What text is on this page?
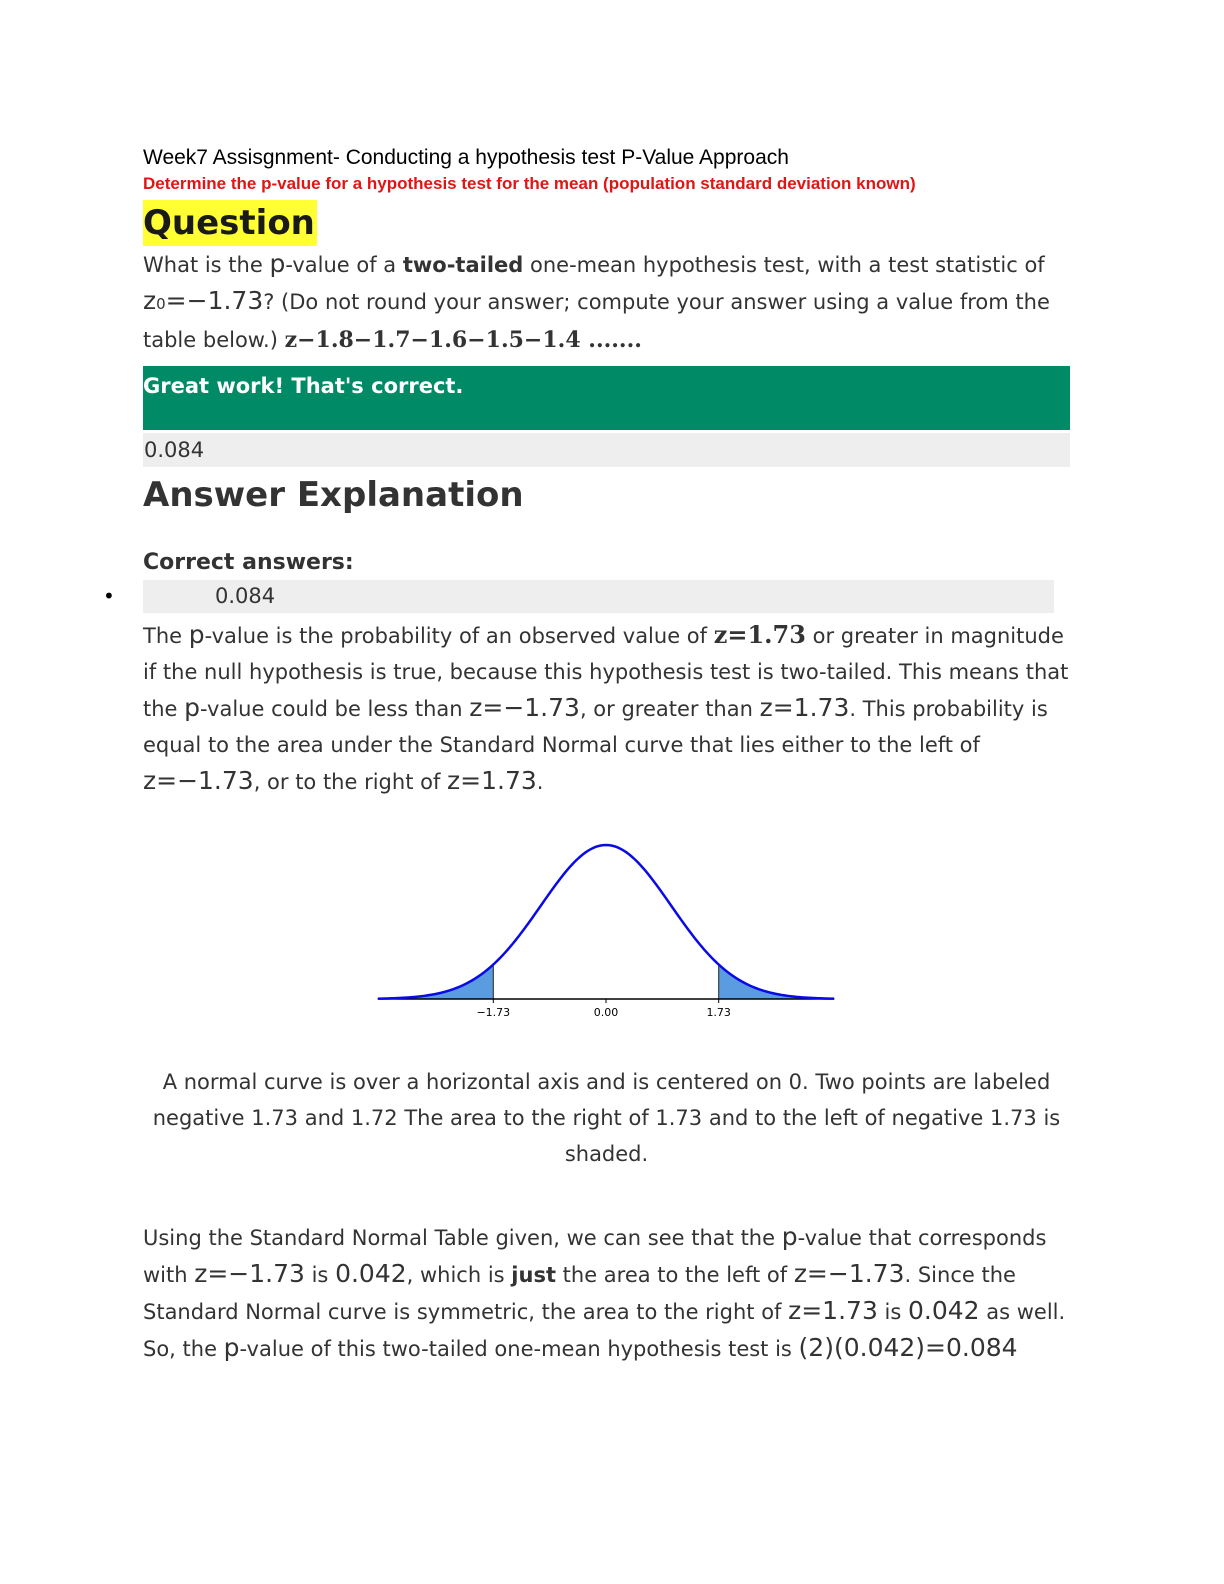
Week7 Assisgnment- Conducting a hypothesis test P-Value Approach

Determine the p-value for a hypothesis test for the mean (population standard deviation known)

Question

What is the p-value of a two-tailed one-mean hypothesis test, with a test statistic of z0=−1.73? (Do not round your answer; compute your answer using a value from the table below.) z−1.8−1.7−1.6−1.5−1.4 .......

Great work! That's correct.
0.084
Answer Explanation
Correct answers:
•	0.084

The p-value is the probability of an observed value of z=1.73 or greater in magnitude if the null hypothesis is true, because this hypothesis test is two-tailed. This means that the p-value could be less than z=−1.73, or greater than z=1.73. This probability is equal to the area under the Standard Normal curve that lies either to the left of z=−1.73, or to the right of z=1.73.

−1.73	0.00	1.73
A normal curve is over a horizontal axis and is centered on 0. Two points are labeled negative 1.73 and 1.72 The area to the right of 1.73 and to the left of negative 1.73 is shaded.

Using the Standard Normal Table given, we can see that the p-value that corresponds with z=−1.73 is 0.042, which is just the area to the left of z=−1.73. Since the Standard Normal curve is symmetric, the area to the right of z=1.73 is 0.042 as well. So, the p-value of this two-tailed one-mean hypothesis test is (2)(0.042)=0.084
